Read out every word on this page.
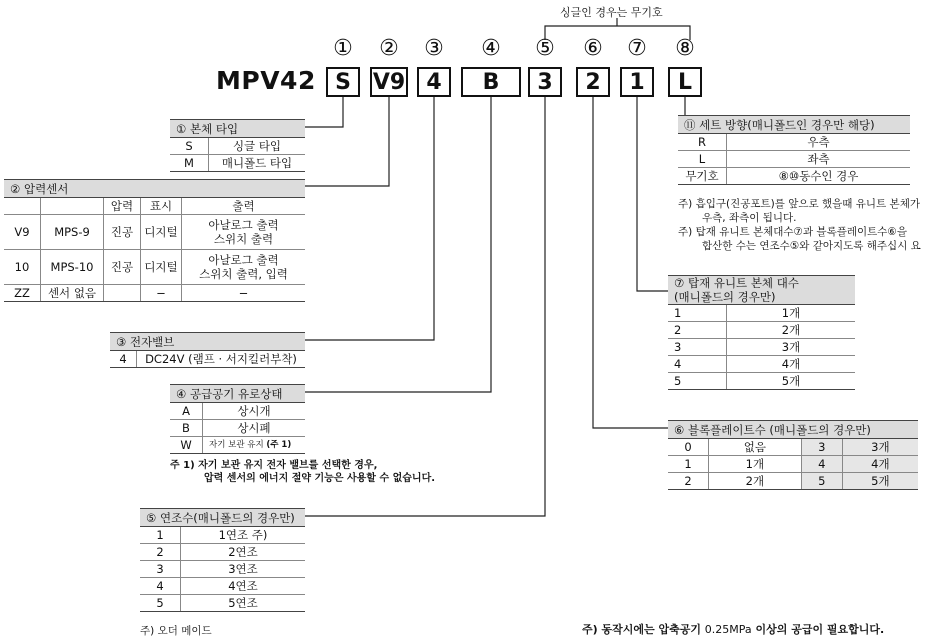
싱글인 경우는 무기호
MPV42
① ② ③ ④ ⑤ ⑥ ⑦ ⑧
S V9 4	B	3	2	1	L
① 본체 타입	
S	싱글 타입
M	매니폴드 타입
② 압력센서				
		압력	표시	출력
V9	MPS-9	진공	디지털	아날로그 출력
스위치 출력

10	MPS-10	진공	디지털	아날로그 출력
스위치 출력, 입력

ZZ	센서 없음		−	−
③ 전자밸브
4	DC24V (램프 · 서지킬러부착)
④ 공급공기 유로상태	
A	상시개
B	상시폐
W	자기 보관 유지 (주 1)
주 1) 자기 보관 유지 전자 밸브를 선택한 경우,
압력 센서의 에너지 절약 기능은 사용할 수 없습니다.
⑤ 연조수(매니폴드의 경우만)	
1	1연조 주)
2	2연조
3	3연조
4	4연조
5	5연조
주) 오더 메이드
⑪ 세트 방향(매니폴드인 경우만 해당)	
R	우측
L	좌측
무기호	⑧⑩동수인 경우
주) 흡입구(진공포트)를 앞으로 했을때 유니트 본체가
우측, 좌측이 됩니다.
주) 탑재 유니트 본체대수⑦과 블록플레이트수⑥을
합산한 수는 연조수⑤와 같아지도록 해주십시 요
⑦ 탑재 유니트 본체 대수
(매니폴드의 경우만)	

1	1개
2	2개
3	3개
4	4개
5	5개
⑥ 블록플레이트수 (매니폴드의 경우만)			
0	없음	3	3개
1	1개	4	4개
2	2개	5	5개
주) 동작시에는 압축공기 0.25MPa 이상의 공급이 필요합니다.
